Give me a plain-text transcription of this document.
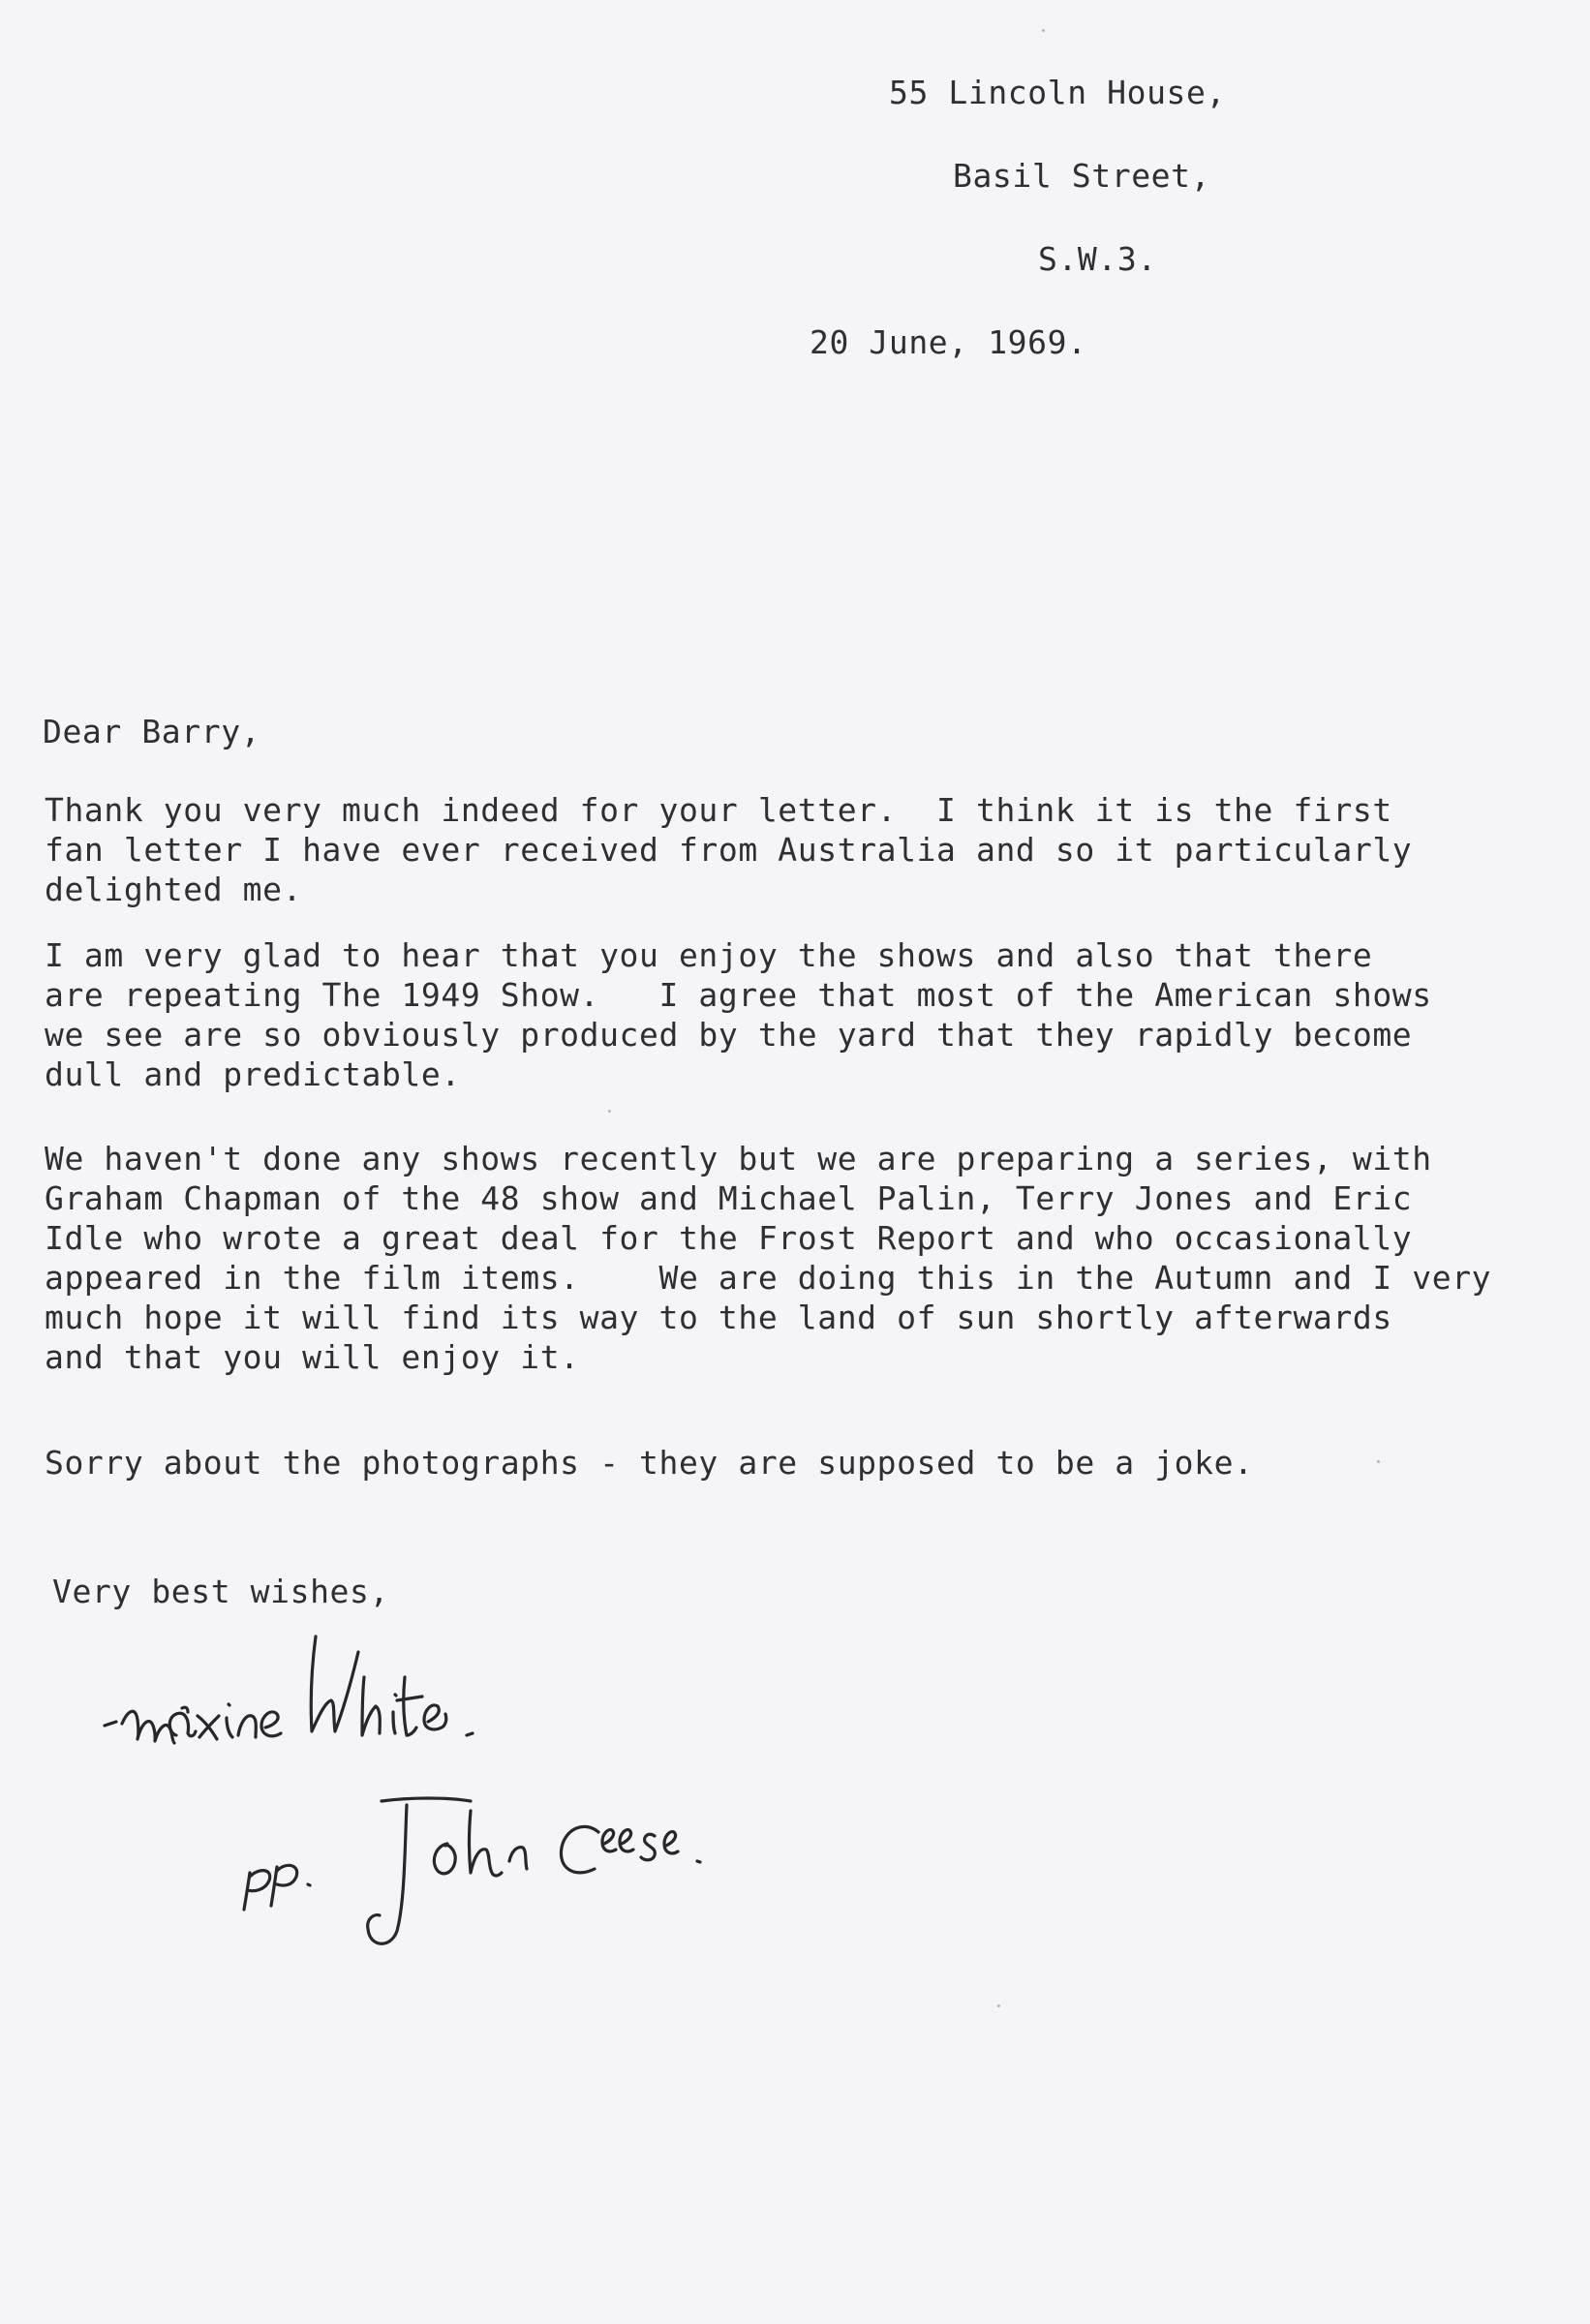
55 Lincoln House,
Basil Street,
S.W.3.
20 June, 1969.
Dear Barry,
Thank you very much indeed for your letter.  I think it is the first
fan letter I have ever received from Australia and so it particularly
delighted me.
I am very glad to hear that you enjoy the shows and also that there
are repeating The 1949 Show.   I agree that most of the American shows
we see are so obviously produced by the yard that they rapidly become
dull and predictable.
We haven't done any shows recently but we are preparing a series, with
Graham Chapman of the 48 show and Michael Palin, Terry Jones and Eric
Idle who wrote a great deal for the Frost Report and who occasionally
appeared in the film items.    We are doing this in the Autumn and I very
much hope it will find its way to the land of sun shortly afterwards
and that you will enjoy it.
Sorry about the photographs - they are supposed to be a joke.
Very best wishes,
